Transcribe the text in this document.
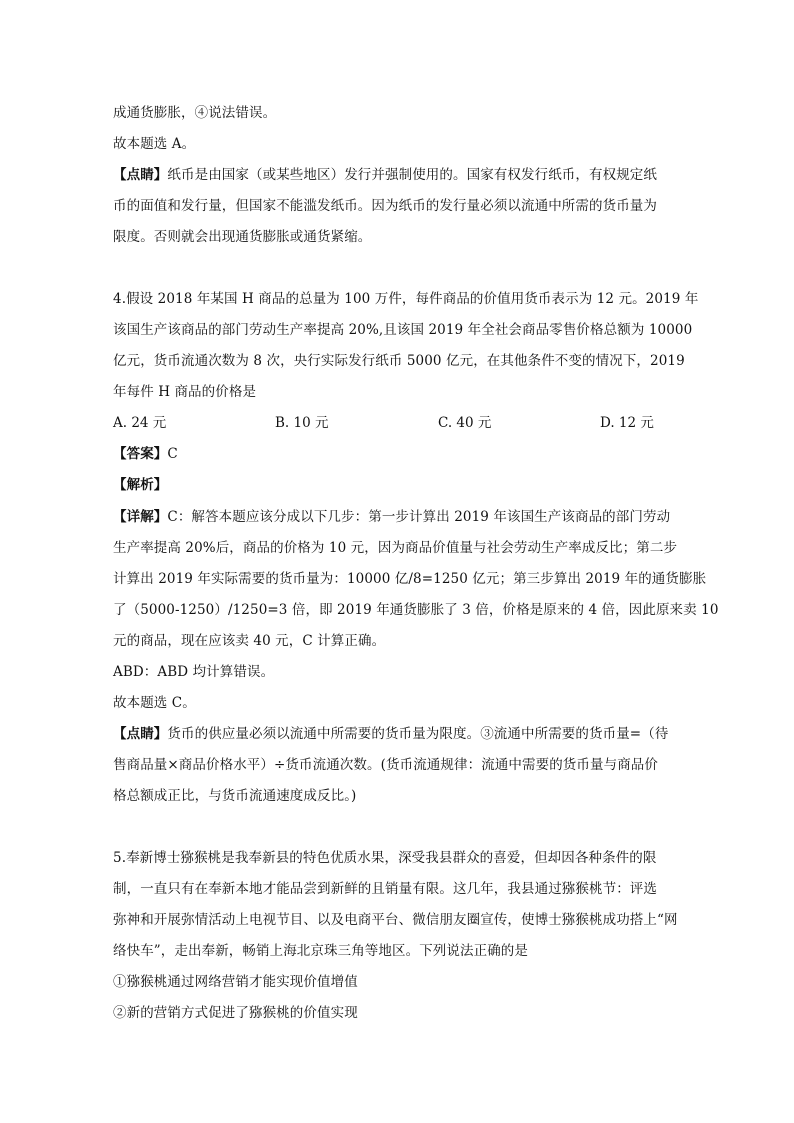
成通货膨胀，④说法错误。
故本题选 A。
【点睛】纸币是由国家（或某些地区）发行并强制使用的。国家有权发行纸币，有权规定纸
币的面值和发行量，但国家不能滥发纸币。因为纸币的发行量必须以流通中所需的货币量为
限度。否则就会出现通货膨胀或通货紧缩。
4.假设 2018 年某国 H 商品的总量为 100 万件，每件商品的价值用货币表示为 12 元。2019 年
该国生产该商品的部门劳动生产率提高 20%,且该国 2019 年全社会商品零售价格总额为 10000
亿元，货币流通次数为 8 次，央行实际发行纸币 5000 亿元，在其他条件不变的情况下，2019
年每件 H 商品的价格是
A. 24 元	B. 10 元	C. 40 元	D. 12 元
【答案】C
【解析】
【详解】C：解答本题应该分成以下几步：第一步计算出 2019 年该国生产该商品的部门劳动
生产率提高 20%后，商品的价格为 10 元，因为商品价值量与社会劳动生产率成反比；第二步
计算出 2019 年实际需要的货币量为：10000 亿/8=1250 亿元；第三步算出 2019 年的通货膨胀
了（5000-1250）/1250=3 倍，即 2019 年通货膨胀了 3 倍，价格是原来的 4 倍，因此原来卖 10
元的商品，现在应该卖 40 元，C 计算正确。
ABD：ABD 均计算错误。
故本题选 C。
【点睛】货币的供应量必须以流通中所需要的货币量为限度。③流通中所需要的货币量=（待
售商品量×商品价格水平）÷货币流通次数。(货币流通规律：流通中需要的货币量与商品价
格总额成正比，与货币流通速度成反比。)
5.奉新博士猕猴桃是我奉新县的特色优质水果，深受我县群众的喜爱，但却因各种条件的限
制，一直只有在奉新本地才能品尝到新鲜的且销量有限。这几年，我县通过猕猴桃节：评选
弥神和开展弥情活动上电视节目、以及电商平台、微信朋友圈宣传，使博士猕猴桃成功搭上“网
络快车”，走出奉新，畅销上海北京珠三角等地区。下列说法正确的是
①猕猴桃通过网络营销才能实现价值增值
②新的营销方式促进了猕猴桃的价值实现
